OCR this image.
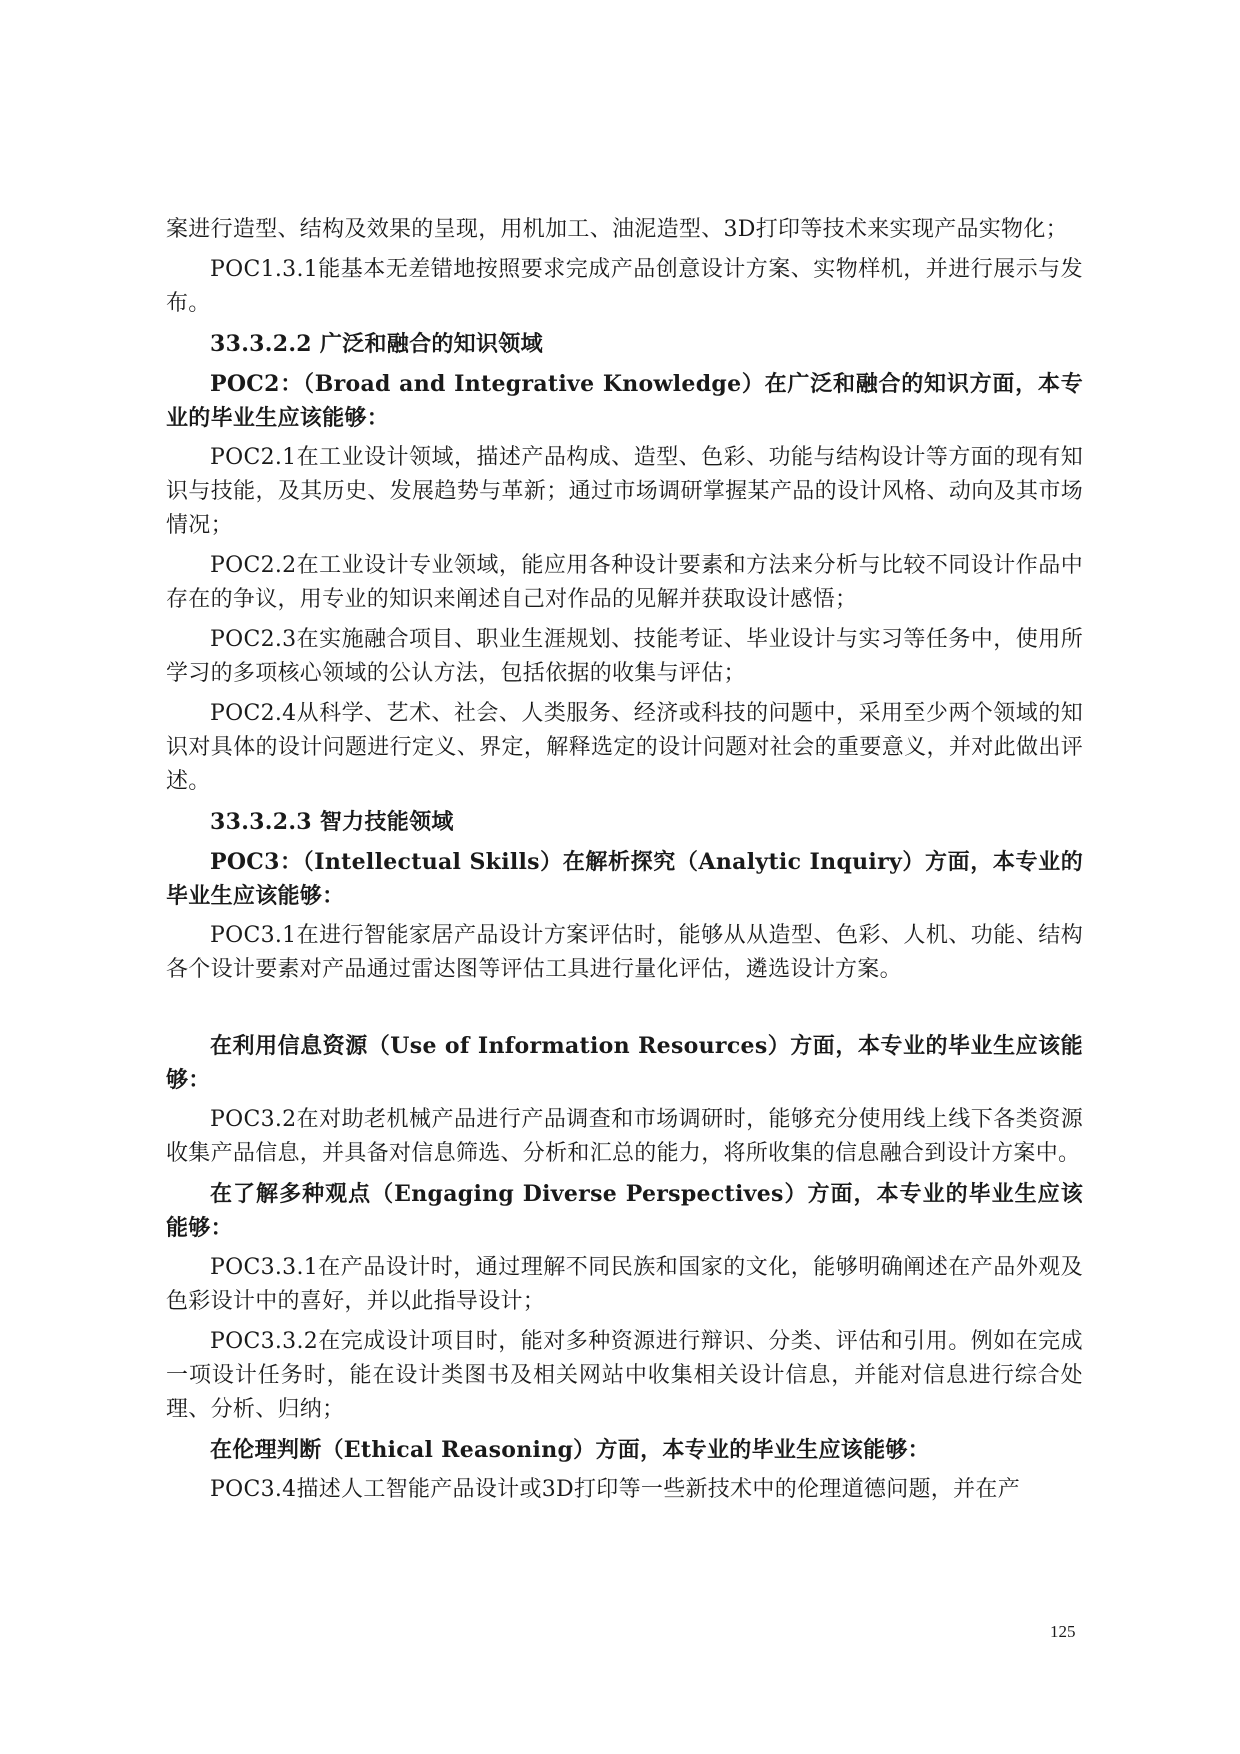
案进行造型、结构及效果的呈现，用机加工、油泥造型、3D打印等技术来实现产品实物化；

POC1.3.1能基本无差错地按照要求完成产品创意设计方案、实物样机，并进行展示与发布。

33.3.2.2 广泛和融合的知识领域

POC2：（Broad and Integrative Knowledge）在广泛和融合的知识方面，本专业的毕业生应该能够：

POC2.1在工业设计领域，描述产品构成、造型、色彩、功能与结构设计等方面的现有知识与技能，及其历史、发展趋势与革新；通过市场调研掌握某产品的设计风格、动向及其市场情况；

POC2.2在工业设计专业领域，能应用各种设计要素和方法来分析与比较不同设计作品中存在的争议，用专业的知识来阐述自己对作品的见解并获取设计感悟；

POC2.3在实施融合项目、职业生涯规划、技能考证、毕业设计与实习等任务中，使用所学习的多项核心领域的公认方法，包括依据的收集与评估；

POC2.4从科学、艺术、社会、人类服务、经济或科技的问题中，采用至少两个领域的知识对具体的设计问题进行定义、界定，解释选定的设计问题对社会的重要意义，并对此做出评述。

33.3.2.3 智力技能领域

POC3：（Intellectual Skills）在解析探究（Analytic Inquiry）方面，本专业的毕业生应该能够：

POC3.1在进行智能家居产品设计方案评估时，能够从从造型、色彩、人机、功能、结构各个设计要素对产品通过雷达图等评估工具进行量化评估，遴选设计方案。

在利用信息资源（Use of Information Resources）方面，本专业的毕业生应该能够：

POC3.2在对助老机械产品进行产品调查和市场调研时，能够充分使用线上线下各类资源收集产品信息，并具备对信息筛选、分析和汇总的能力，将所收集的信息融合到设计方案中。

在了解多种观点（Engaging Diverse Perspectives）方面，本专业的毕业生应该能够：

POC3.3.1在产品设计时，通过理解不同民族和国家的文化，能够明确阐述在产品外观及色彩设计中的喜好，并以此指导设计；

POC3.3.2在完成设计项目时，能对多种资源进行辩识、分类、评估和引用。例如在完成一项设计任务时，能在设计类图书及相关网站中收集相关设计信息，并能对信息进行综合处理、分析、归纳；

在伦理判断（Ethical Reasoning）方面，本专业的毕业生应该能够：

POC3.4描述人工智能产品设计或3D打印等一些新技术中的伦理道德问题，并在产

125
